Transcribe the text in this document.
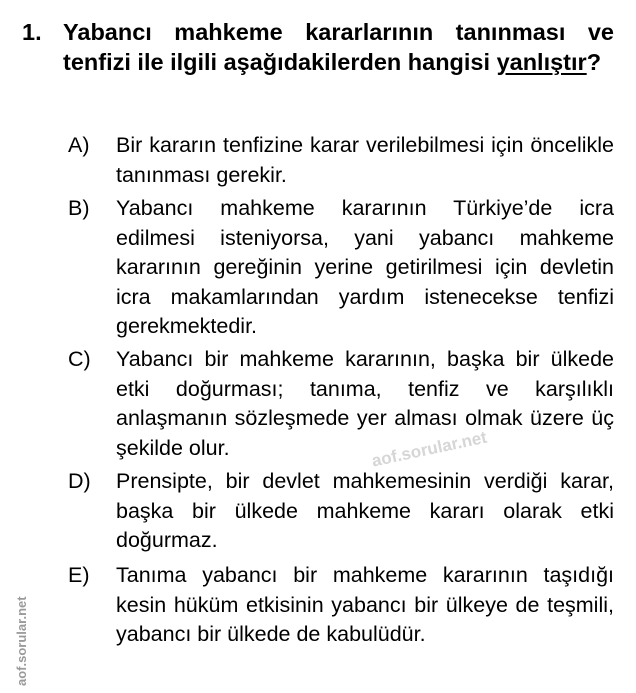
1. Yabancı mahkeme kararlarının tanınması ve tenfizi ile ilgili aşağıdakilerden hangisi yanlıştır?
A) Bir kararın tenfizine karar verilebilmesi için öncelikle tanınması gerekir.
B) Yabancı mahkeme kararının Türkiye’de icra edilmesi isteniyorsa, yani yabancı mahkeme kararının gereğinin yerine getirilmesi için devletin icra makamlarından yardım istenecekse tenfizi gerekmektedir.
C) Yabancı bir mahkeme kararının, başka bir ülkede etki doğurması; tanıma, tenfiz ve karşılıklı anlaşmanın sözleşmede yer alması olmak üzere üç şekilde olur.
D) Prensipte, bir devlet mahkemesinin verdiği karar, başka bir ülkede mahkeme kararı olarak etki doğurmaz.
E) Tanıma yabancı bir mahkeme kararının taşıdığı kesin hüküm etkisinin yabancı bir ülkeye de teşmili, yabancı bir ülkede de kabulüdür.
aof.sorular.net
aof.sorular.net
